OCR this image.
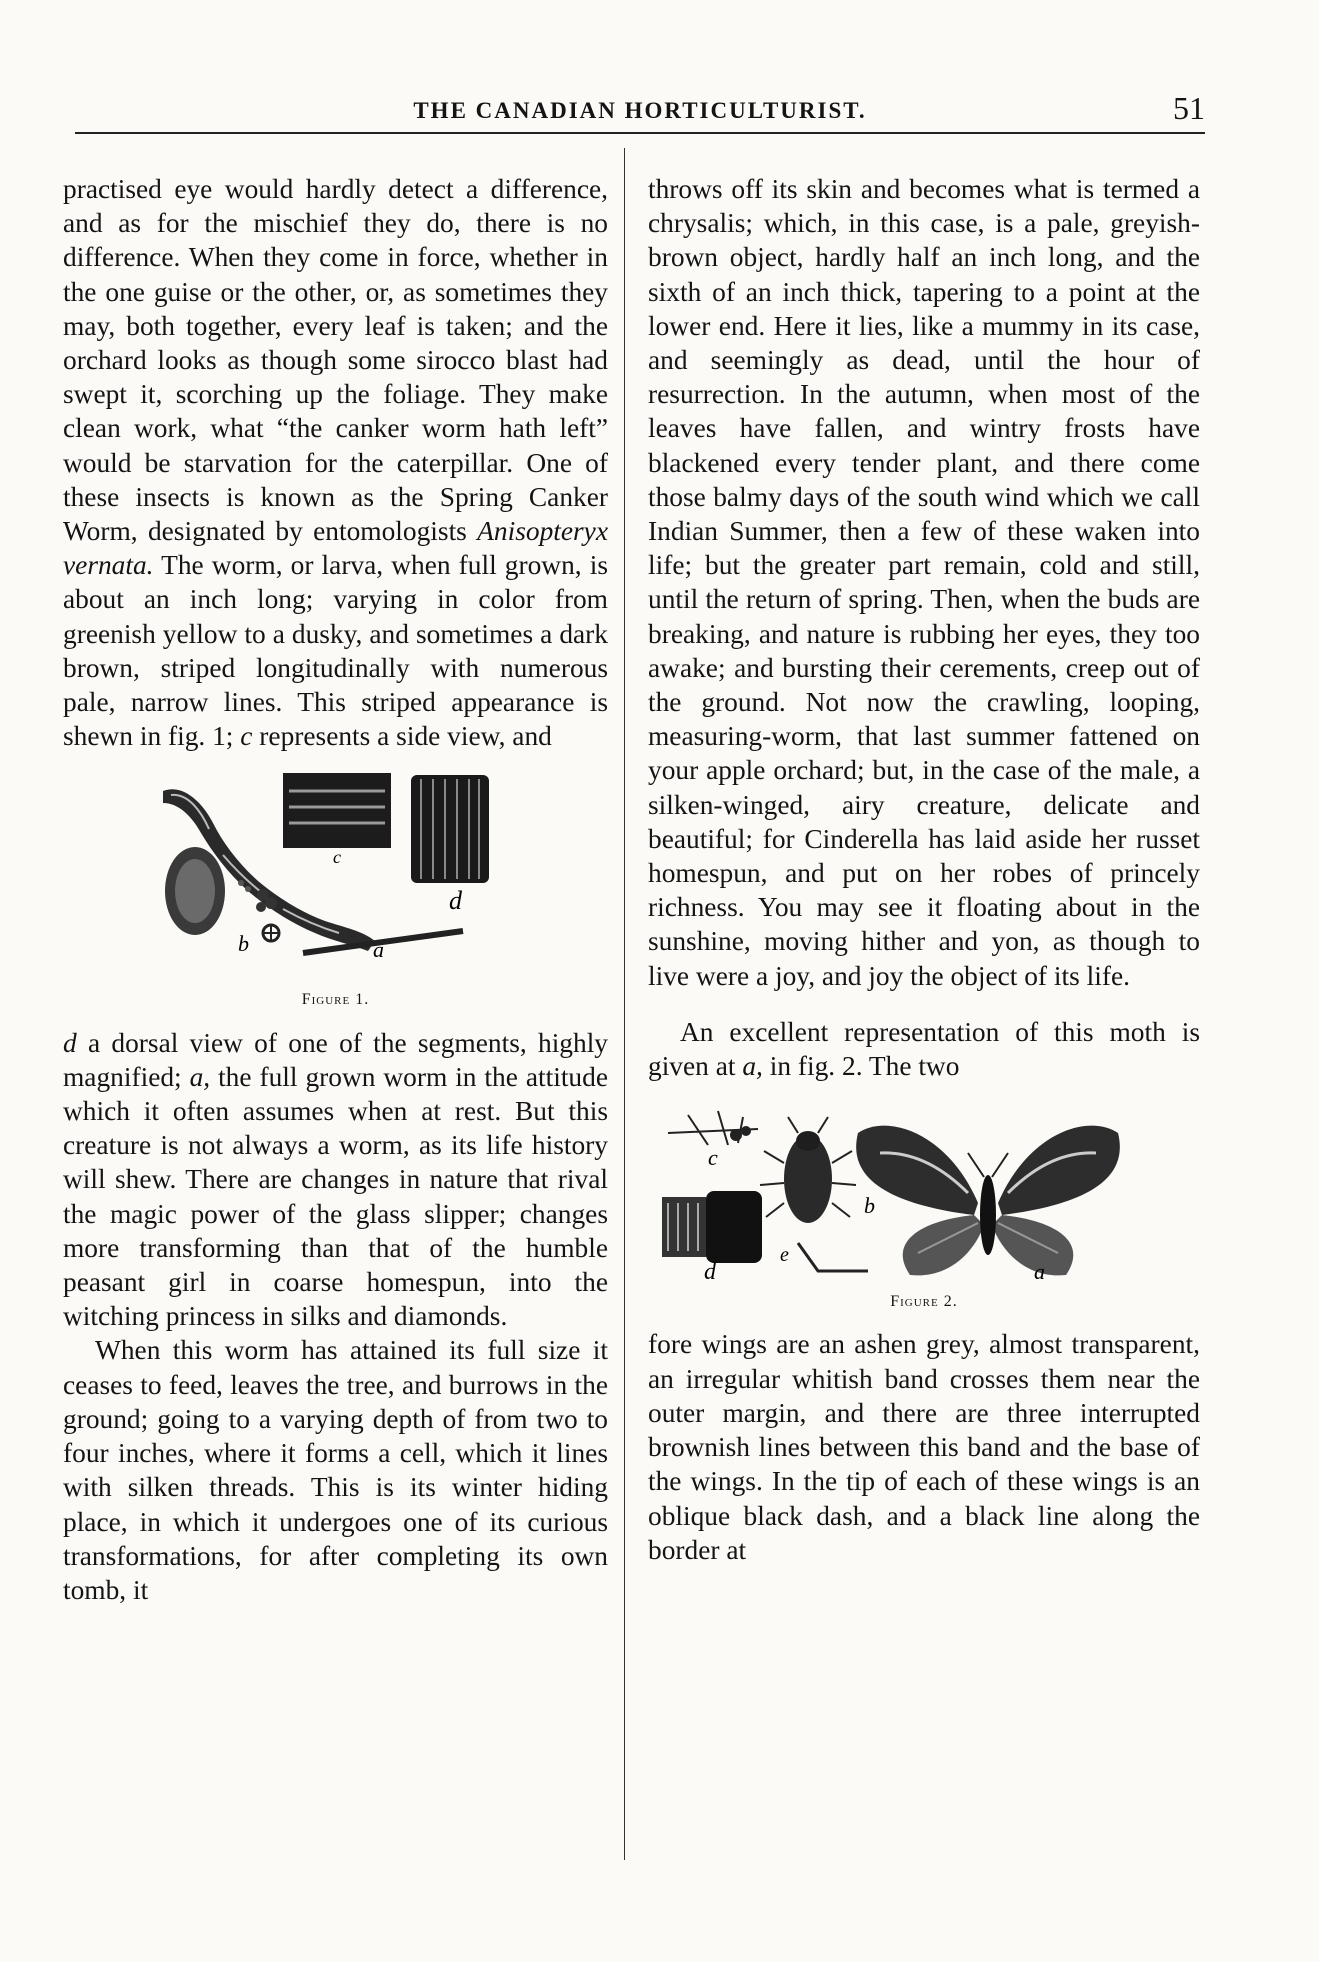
THE CANADIAN HORTICULTURIST.	51

practised eye would hardly detect a difference, and as for the mischief they do, there is no difference. When they come in force, whether in the one guise or the other, or, as sometimes they may, both together, every leaf is taken; and the orchard looks as though some sirocco blast had swept it, scorching up the foliage. They make clean work, what “the canker worm hath left” would be starvation for the caterpillar. One of these insects is known as the Spring Canker Worm, designated by entomologists Anisopteryx vernata. The worm, or larva, when full grown, is about an inch long; varying in color from greenish yellow to a dusky, and sometimes a dark brown, striped longitudinally with numerous pale, narrow lines. This striped appearance is shewn in fig. 1; c represents a side view, and

c
d
b	a
Figure 1.

d a dorsal view of one of the segments, highly magnified; a, the full grown worm in the attitude which it often assumes when at rest. But this creature is not always a worm, as its life history will shew. There are changes in nature that rival the magic power of the glass slipper; changes more transforming than that of the humble peasant girl in coarse homespun, into the witching princess in silks and diamonds.

When this worm has attained its full size it ceases to feed, leaves the tree, and burrows in the ground; going to a varying depth of from two to four inches, where it forms a cell, which it lines with silken threads. This is its winter hiding place, in which it undergoes one of its curious transformations, for after completing its own tomb, it

throws off its skin and becomes what is termed a chrysalis; which, in this case, is a pale, greyish-brown object, hardly half an inch long, and the sixth of an inch thick, tapering to a point at the lower end. Here it lies, like a mummy in its case, and seemingly as dead, until the hour of resurrection. In the autumn, when most of the leaves have fallen, and wintry frosts have blackened every tender plant, and there come those balmy days of the south wind which we call Indian Summer, then a few of these waken into life; but the greater part remain, cold and still, until the return of spring. Then, when the buds are breaking, and nature is rubbing her eyes, they too awake; and bursting their cerements, creep out of the ground. Not now the crawling, looping, measuring-worm, that last summer fattened on your apple orchard; but, in the case of the male, a silken-winged, airy creature, delicate and beautiful; for Cinderella has laid aside her russet homespun, and put on her robes of princely richness. You may see it floating about in the sunshine, moving hither and yon, as though to live were a joy, and joy the object of its life.

An excellent representation of this moth is given at a, in fig. 2. The two

c
b
d
e
a
Figure 2.

fore wings are an ashen grey, almost transparent, an irregular whitish band crosses them near the outer margin, and there are three interrupted brownish lines between this band and the base of the wings. In the tip of each of these wings is an oblique black dash, and a black line along the border at
